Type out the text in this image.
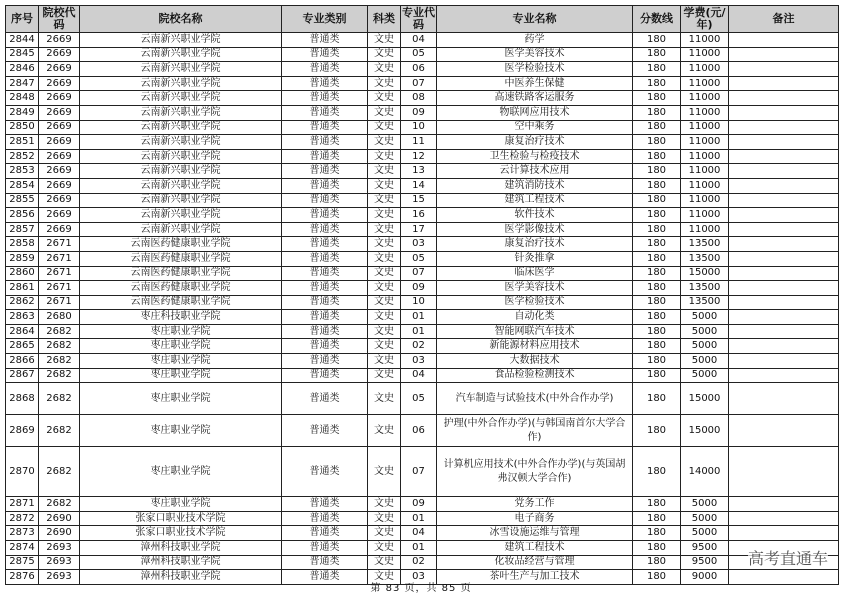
序号	院校代码	院校名称	专业类别	科类	专业代码	专业名称	分数线	学费(元/年)	备注
2844	2669	云南新兴职业学院	普通类	文史	04	药学	180	11000	
2845	2669	云南新兴职业学院	普通类	文史	05	医学美容技术	180	11000	
2846	2669	云南新兴职业学院	普通类	文史	06	医学检验技术	180	11000	
2847	2669	云南新兴职业学院	普通类	文史	07	中医养生保健	180	11000	
2848	2669	云南新兴职业学院	普通类	文史	08	高速铁路客运服务	180	11000	
2849	2669	云南新兴职业学院	普通类	文史	09	物联网应用技术	180	11000	
2850	2669	云南新兴职业学院	普通类	文史	10	空中乘务	180	11000	
2851	2669	云南新兴职业学院	普通类	文史	11	康复治疗技术	180	11000	
2852	2669	云南新兴职业学院	普通类	文史	12	卫生检验与检疫技术	180	11000	
2853	2669	云南新兴职业学院	普通类	文史	13	云计算技术应用	180	11000	
2854	2669	云南新兴职业学院	普通类	文史	14	建筑消防技术	180	11000	
2855	2669	云南新兴职业学院	普通类	文史	15	建筑工程技术	180	11000	
2856	2669	云南新兴职业学院	普通类	文史	16	软件技术	180	11000	
2857	2669	云南新兴职业学院	普通类	文史	17	医学影像技术	180	11000	
2858	2671	云南医药健康职业学院	普通类	文史	03	康复治疗技术	180	13500	
2859	2671	云南医药健康职业学院	普通类	文史	05	针灸推拿	180	13500	
2860	2671	云南医药健康职业学院	普通类	文史	07	临床医学	180	15000	
2861	2671	云南医药健康职业学院	普通类	文史	09	医学美容技术	180	13500	
2862	2671	云南医药健康职业学院	普通类	文史	10	医学检验技术	180	13500	
2863	2680	枣庄科技职业学院	普通类	文史	01	自动化类	180	5000	
2864	2682	枣庄职业学院	普通类	文史	01	智能网联汽车技术	180	5000	
2865	2682	枣庄职业学院	普通类	文史	02	新能源材料应用技术	180	5000	
2866	2682	枣庄职业学院	普通类	文史	03	大数据技术	180	5000	
2867	2682	枣庄职业学院	普通类	文史	04	食品检验检测技术	180	5000	
2868	2682	枣庄职业学院	普通类	文史	05	汽车制造与试验技术(中外合作办学)	180	15000	
2869	2682	枣庄职业学院	普通类	文史	06	护理(中外合作办学)(与韩国南首尔大学合作)	180	15000	
2870	2682	枣庄职业学院	普通类	文史	07	计算机应用技术(中外合作办学)(与英国胡弗汉顿大学合作)	180	14000	
2871	2682	枣庄职业学院	普通类	文史	09	党务工作	180	5000	
2872	2690	张家口职业技术学院	普通类	文史	01	电子商务	180	5000	
2873	2690	张家口职业技术学院	普通类	文史	04	冰雪设施运维与管理	180	5000	
2874	2693	漳州科技职业学院	普通类	文史	01	建筑工程技术	180	9500	
2875	2693	漳州科技职业学院	普通类	文史	02	化妆品经营与管理	180	9500	
2876	2693	漳州科技职业学院	普通类	文史	03	茶叶生产与加工技术	180	9000	
第 83 页，共 85 页
高考直通车
